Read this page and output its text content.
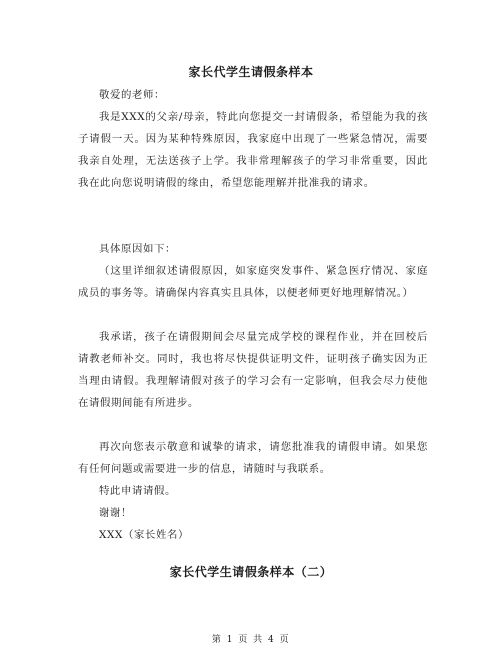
家长代学生请假条样本

敬爱的老师：

我是XXX的父亲/母亲，特此向您提交一封请假条，希望能为我的孩子请假一天。因为某种特殊原因，我家庭中出现了一些紧急情况，需要我亲自处理，无法送孩子上学。我非常理解孩子的学习非常重要，因此我在此向您说明请假的缘由，希望您能理解并批准我的请求。

具体原因如下：

（这里详细叙述请假原因，如家庭突发事件、紧急医疗情况、家庭成员的事务等。请确保内容真实且具体，以便老师更好地理解情况。）

我承诺，孩子在请假期间会尽量完成学校的课程作业，并在回校后请教老师补交。同时，我也将尽快提供证明文件，证明孩子确实因为正当理由请假。我理解请假对孩子的学习会有一定影响，但我会尽力使他在请假期间能有所进步。

再次向您表示敬意和诚挚的请求，请您批准我的请假申请。如果您有任何问题或需要进一步的信息，请随时与我联系。

特此申请请假。

谢谢！

XXX（家长姓名）

家长代学生请假条样本（二）
第 1 页 共 4 页
